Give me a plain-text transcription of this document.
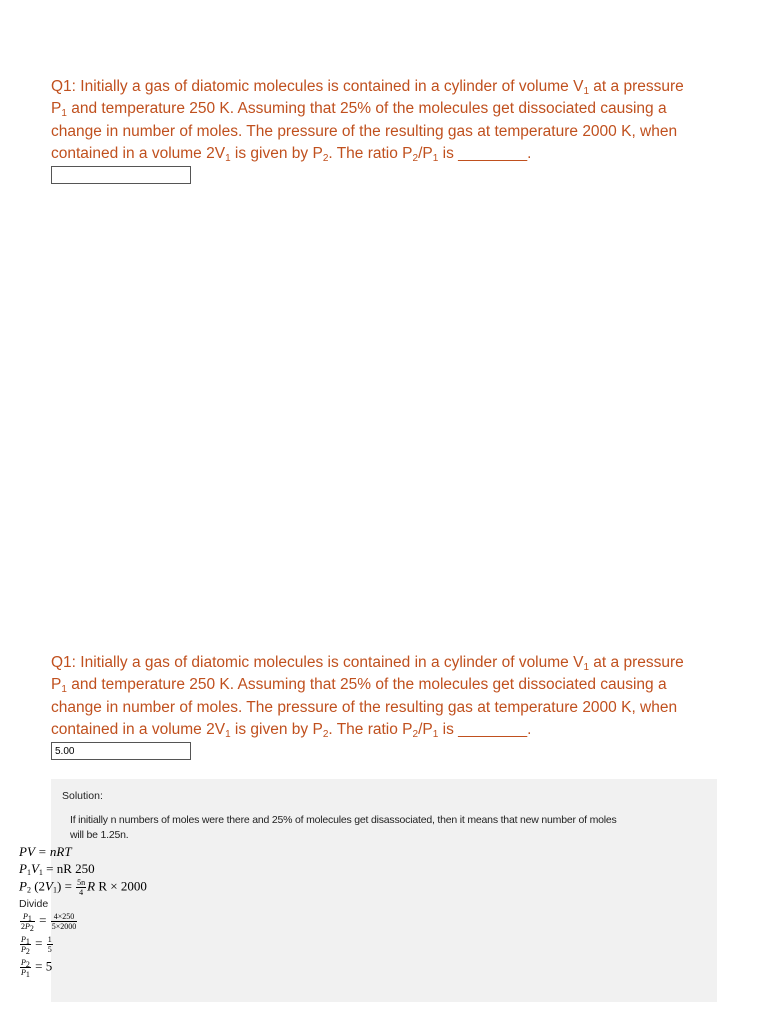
Q1: Initially a gas of diatomic molecules is contained in a cylinder of volume $V_1$ at a pressure
$P_1$ and temperature 250 K. Assuming that 25% of the molecules get dissociated causing a
change in number of moles. The pressure of the resulting gas at temperature 2000 K, when
contained in a volume $2V_1$ is given by $P_2$. The ratio $P_2/P_1$ is ________.
Q1: Initially a gas of diatomic molecules is contained in a cylinder of volume $V_1$ at a pressure
$P_1$ and temperature 250 K. Assuming that 25% of the molecules get dissociated causing a
change in number of moles. The pressure of the resulting gas at temperature 2000 K, when
contained in a volume $2V_1$ is given by $P_2$. The ratio $P_2/P_1$ is ________.
5.00
Solution:
If initially n numbers of moles were there and 25% of molecules get disassociated, then it means that new number of moles
will be 1.25n.
PV = nRT
$P_1V_1$ = nR 250
$P_2$ $(2V_1) = \frac{5n}{4}$ R R × 2000
Divide
$\frac{P_1}{2P_2} = \frac{4\times 250}{5\times 2000}$
$\frac{P_1}{P_2} = \frac{1}{5}$
$\frac{P_2}{P_1} = 5$
